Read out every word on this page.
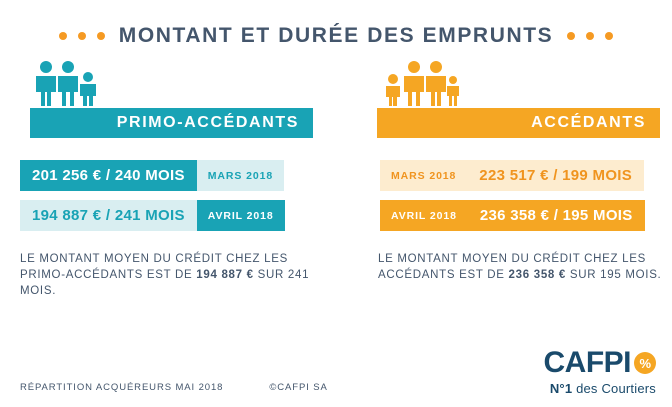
MONTANT ET DURÉE DES EMPRUNTS
PRIMO-ACCÉDANTS
201 256 € / 240 MOIS	MARS 2018
194 887 € / 241 MOIS	AVRIL 2018
LE MONTANT MOYEN DU CRÉDIT CHEZ LES PRIMO-ACCÉDANTS EST DE 194 887 € SUR 241 MOIS.
ACCÉDANTS
MARS 2018	223 517 € / 199 MOIS
AVRIL 2018	236 358 € / 195 MOIS
LE MONTANT MOYEN DU CRÉDIT CHEZ LES ACCÉDANTS EST DE 236 358 € SUR 195 MOIS.
RÉPARTITION ACQUÉREURS MAI 2018	©CAFPI SA
CAFPI %
N°1 des Courtiers
